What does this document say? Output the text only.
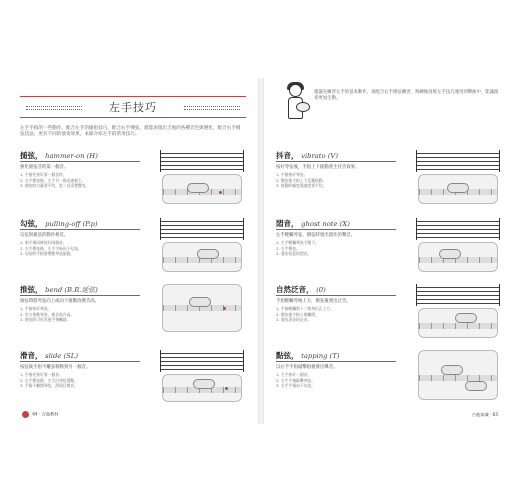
左手技巧
左手手指的一些動作，配合左手的運指技巧，配合右手彈弦，就能表現出吉他的各種音色與變化，配合右手撥弦技法，更有不同的演奏效果，本節介紹左手的常用技巧。
搥弦， hammer-on (H)
強化搥弦音的第一個音。
1. 手指先按好第一個音符。
2. 右手撥弦後，左手另一指迅速搥下。
3. 搥弦時力量要平均，第二音清楚響亮。
勾弦， pulling-off (P.p)
勾弦與搥弦的動作相反。
1. 兩手指同時按好兩個音。
2. 右手撥弦後，左手手指向下勾弦。
3. 勾弦時手指要帶動琴弦振動。
推弦， bend (B.R.延弦)
推弦時將琴弦向上或向下推動改變音高。
1. 手指按好琴弦。
2. 用力推動琴弦，使音高升高。
3. 推弦時可用其他手指輔助。
滑音， slide (SL)
按弦後手指不離弦移動到另一個音。
1. 手指先按好第一個音。
2. 右手撥弦後，左手沿琴弦滑動。
3. 手指不離開琴弦，滑到目標音。
64 · 吉他教材
建議先練習左手的基本動作，再配合右手撥弦練習，熟練後再將左手技巧運用到樂曲中，能讓演奏更加生動。
抖音， vibrato (V)
按好琴弦後，手指上下搖動產生抖音效果。
1. 手指按好琴弦。
2. 撥弦後手指上下反覆搖動。
3. 搖動的幅度與速度要平均。
悶音， ghost note (X)
左手輕觸琴弦，撥弦時發出悶住的聲音。
1. 左手輕觸琴弦不壓下。
2. 右手撥弦。
3. 發出短促的悶音。
自然泛音， (0)
手指輕觸琴格上方，撥弦後發出泛音。
1. 手指輕觸第十二格琴衍正上方。
2. 撥弦後手指立即離開。
3. 發出清亮的泛音。
點弦， tapping (T)
以右手手指敲擊指板發出聲音。
1. 左手按好一個音。
2. 右手手指敲擊琴弦。
3. 右手手指向下勾弦。
吉他知識 · 65
